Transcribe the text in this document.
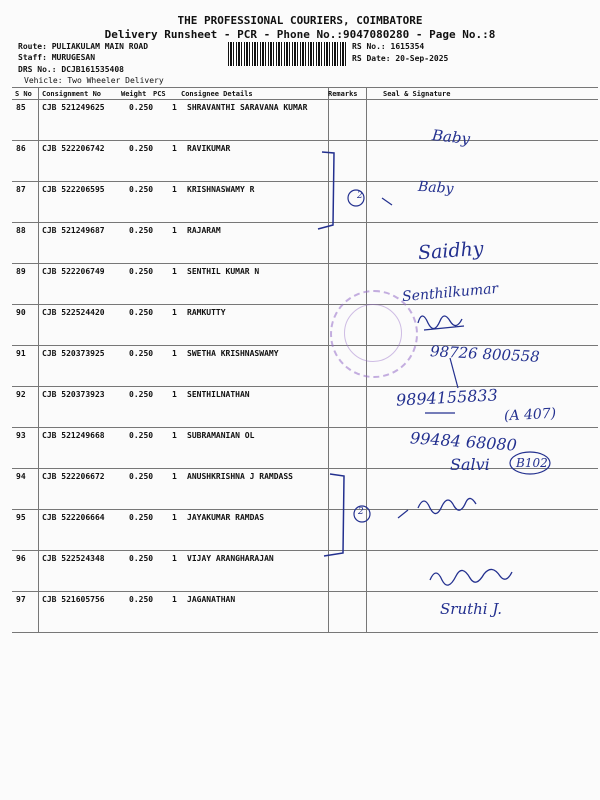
THE PROFESSIONAL COURIERS, COIMBATORE
Delivery Runsheet - PCR - Phone No.:9047080280 - Page No.:8
Route: PULIAKULAM MAIN ROAD
Staff: MURUGESAN
DRS No.: DCJB161535408
Vehicle: Two Wheeler Delivery
RS No.: 1615354
RS Date: 20-Sep-2025
S No Consignment No	Weight PCS Consignee Details	Remarks	Seal & Signature
85 CJB 521249625	0.250 1 SHRAVANTHI SARAVANA KUMAR
86 CJB 522206742	0.250 1 RAVIKUMAR
87 CJB 522206595	0.250 1 KRISHNASWAMY R
88 CJB 521249687	0.250 1 RAJARAM
89 CJB 522206749	0.250 1 SENTHIL KUMAR N
90 CJB 522524420	0.250 1 RAMKUTTY
91 CJB 520373925	0.250 1 SWETHA KRISHNASWAMY
92 CJB 520373923	0.250 1 SENTHILNATHAN
93 CJB 521249668	0.250 1 SUBRAMANIAN OL
94 CJB 522206672	0.250 1 ANUSHKRISHNA J RAMDASS
95 CJB 522206664	0.250 1 JAYAKUMAR RAMDAS
96 CJB 522524348	0.250 1 VIJAY ARANGHARAJAN
97 CJB 521605756	0.250 1 JAGANATHAN
2
2
Baby
Baby
Saidhy
Senthilkumar
98726 800558
9894155833
(A 407)
99484 68080
Salvi B102
Sruthi J.
